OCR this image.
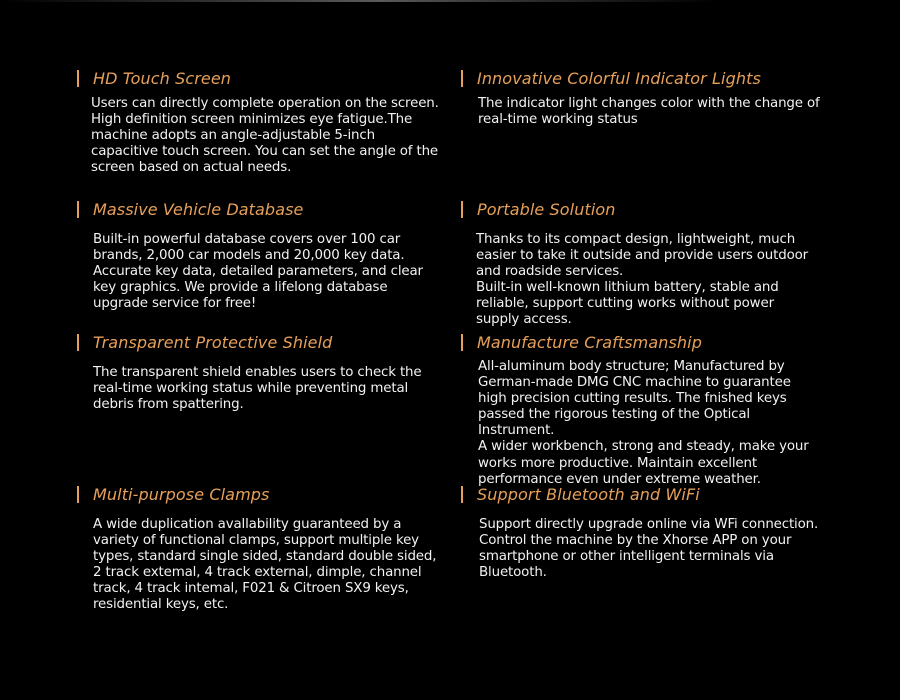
HD Touch Screen

Users can directly complete operation on the screen. High definition screen minimizes eye fatigue.The machine adopts an angle-adjustable 5-inch capacitive touch screen. You can set the angle of the screen based on actual needs.

Massive Vehicle Database

Built-in powerful database covers over 100 car brands, 2,000 car models and 20,000 key data. Accurate key data, detailed parameters, and clear key graphics. We provide a lifelong database upgrade service for free!

Transparent Protective Shield

The transparent shield enables users to check the real-time working status while preventing metal debris from spattering.

Multi-purpose Clamps

A wide duplication avallability guaranteed by a variety of functional clamps, support multiple key types, standard single sided, standard double sided, 2 track extemal, 4 track external, dimple, channel track, 4 track intemal, F021 & Citroen SX9 keys, residential keys, etc.

Innovative Colorful Indicator Lights

The indicator light changes color with the change of real-time working status

Portable Solution

Thanks to its compact design, lightweight, much easier to take it outside and provide users outdoor and roadside services.

Built-in well-known lithium battery, stable and reliable, support cutting works without power supply access.

Manufacture Craftsmanship

All-aluminum body structure; Manufactured by German-made DMG CNC machine to guarantee high precision cutting results. The fnished keys passed the rigorous testing of the Optical Instrument.

A wider workbench, strong and steady, make your works more productive. Maintain excellent performance even under extreme weather.

Support Bluetooth and WiFi

Support directly upgrade online via WFi connection. Control the machine by the Xhorse APP on your smartphone or other intelligent terminals via Bluetooth.
